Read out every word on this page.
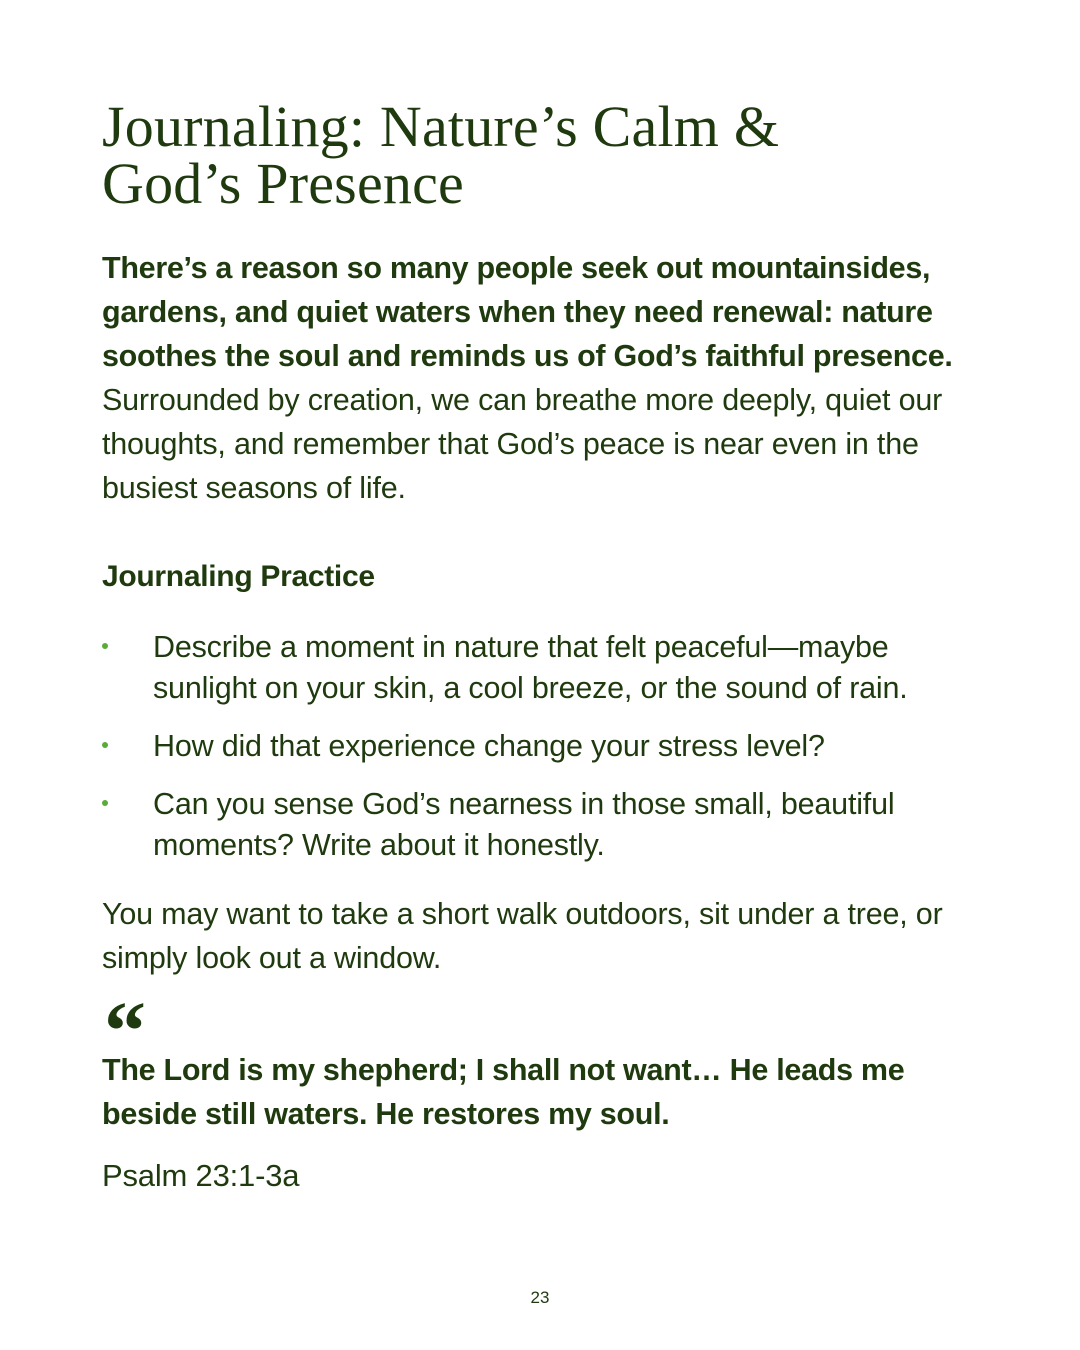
Journaling: Nature’s Calm &
God’s Presence

There’s a reason so many people seek out mountainsides, gardens, and quiet waters when they need renewal: nature soothes the soul and reminds us of God’s faithful presence. Surrounded by creation, we can breathe more deeply, quiet our thoughts, and remember that God’s peace is near even in the busiest seasons of life.

Journaling Practice
Describe a moment in nature that felt peaceful—maybe sunlight on your skin, a cool breeze, or the sound of rain.
How did that experience change your stress level?
Can you sense God’s nearness in those small, beautiful moments? Write about it honestly.

You may want to take a short walk outdoors, sit under a tree, or simply look out a window.

“

The Lord is my shepherd; I shall not want… He leads me beside still waters. He restores my soul.

Psalm 23:1-3a

23
